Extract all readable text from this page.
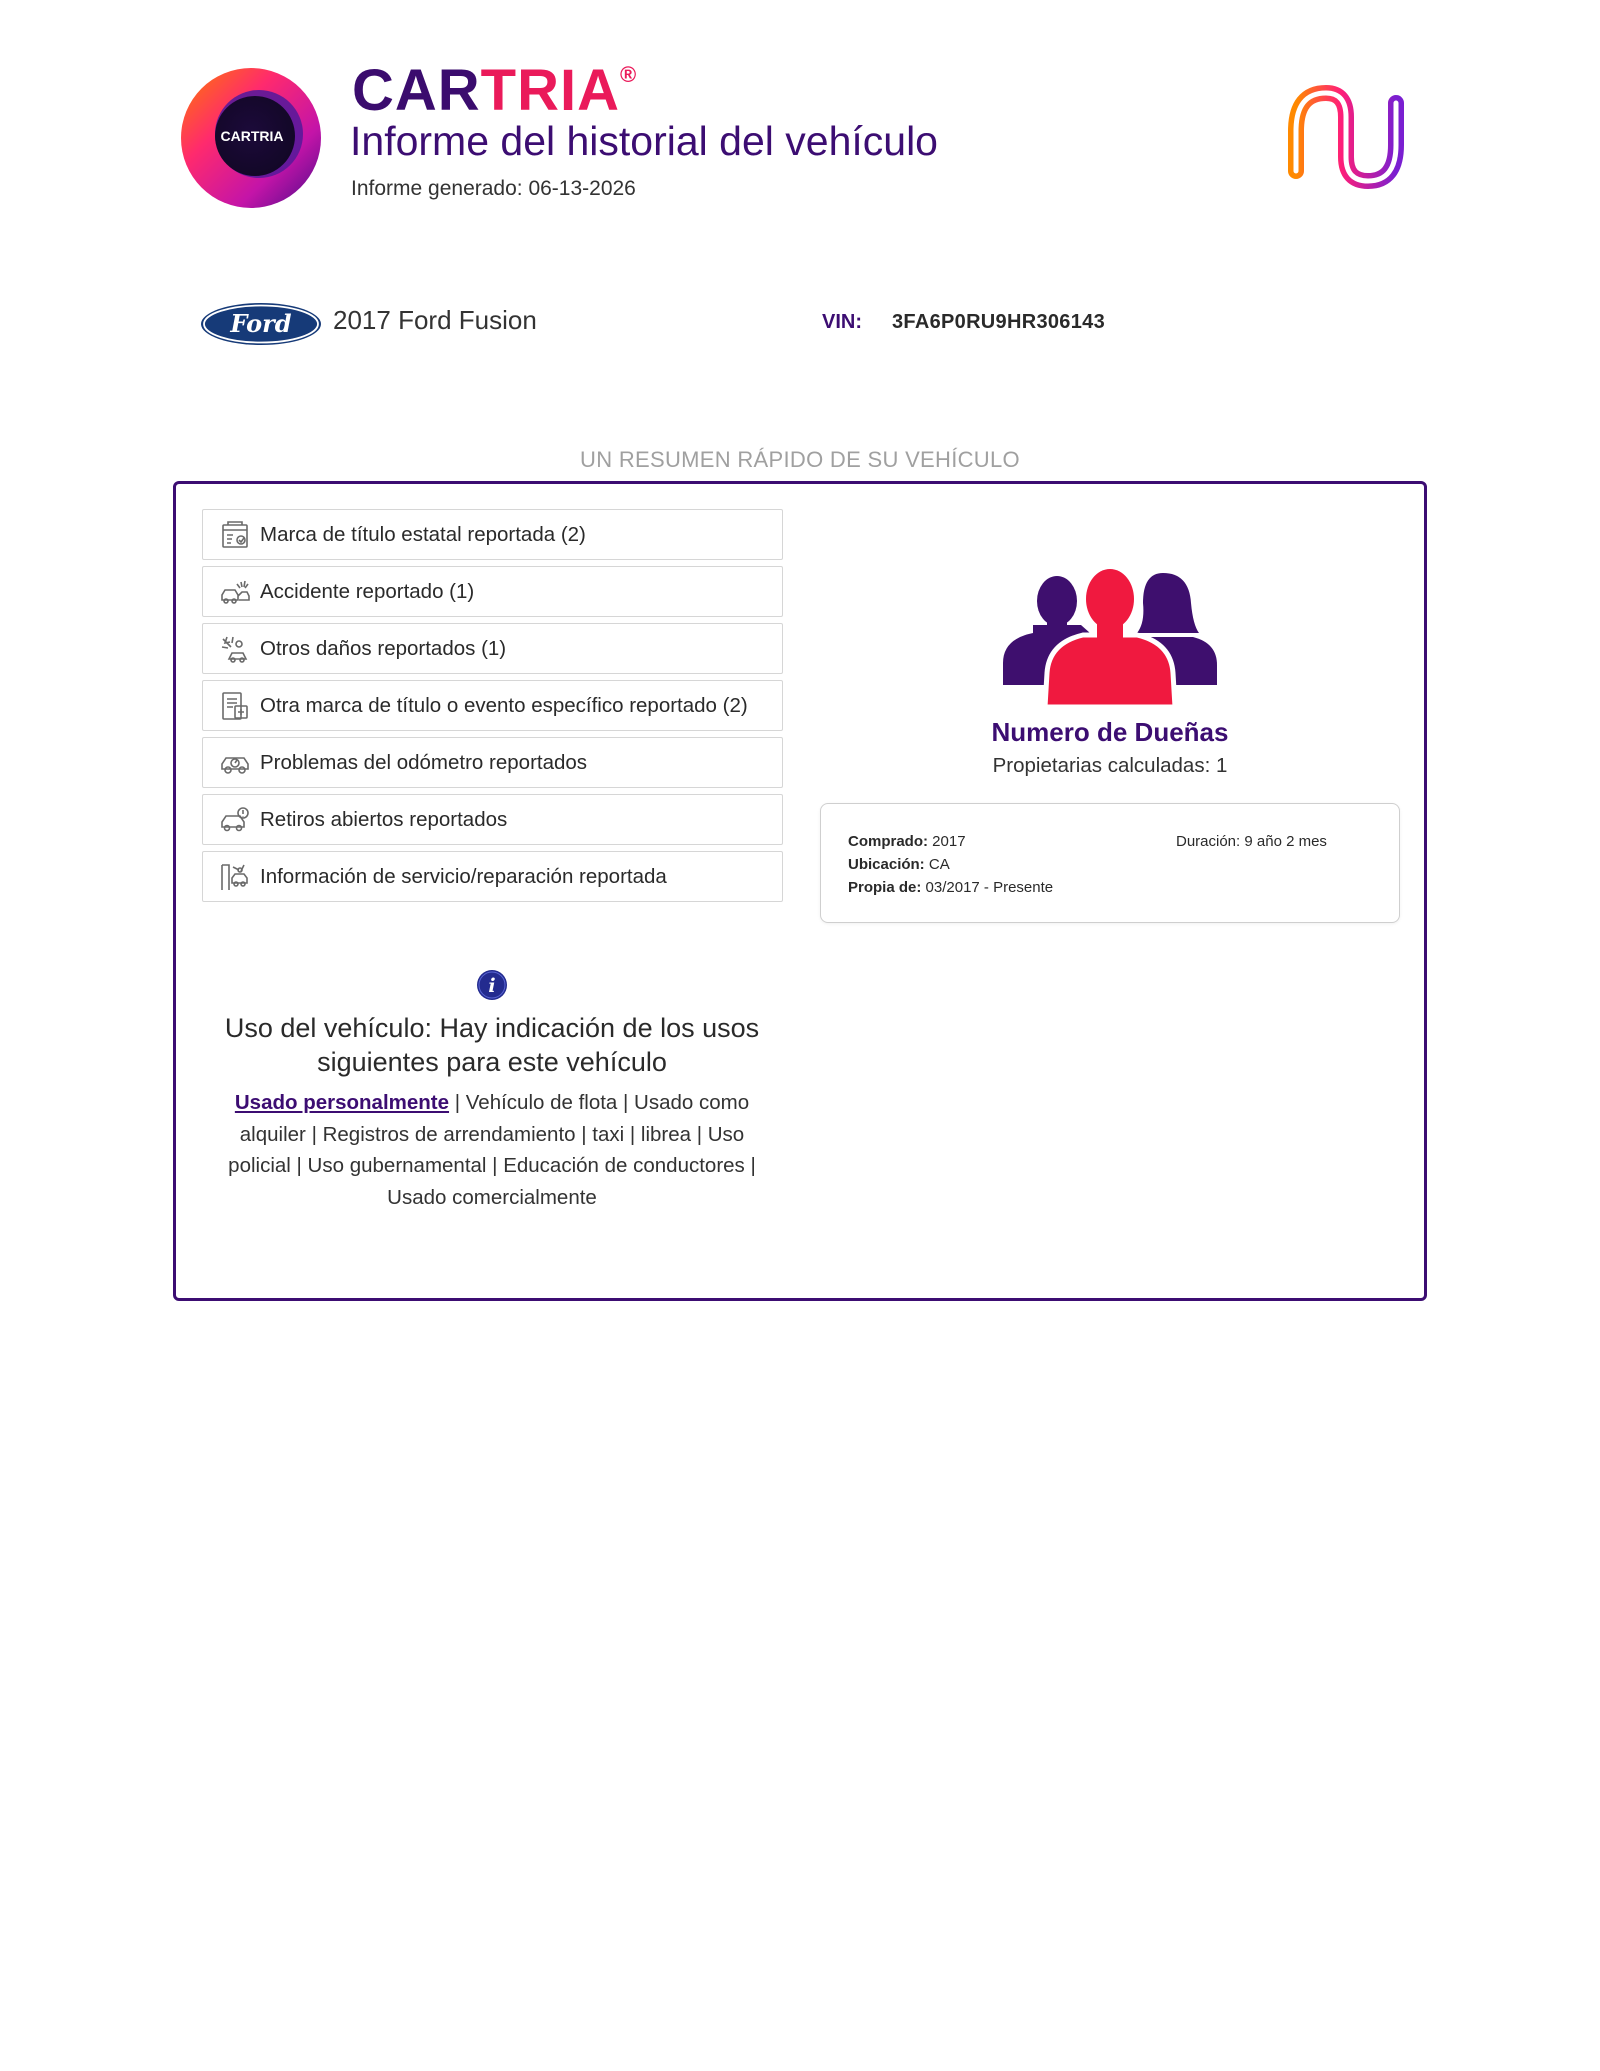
CARTRIA
CARTRIA®
Informe del historial del vehículo
Informe generado: 06-13-2026
Ford 2017 Ford Fusion	VIN: 3FA6P0RU9HR306143
UN RESUMEN RÁPIDO DE SU VEHÍCULO
Marca de título estatal reportada (2)
Accidente reportado (1)
Otros daños reportados (1)
Otra marca de título o evento específico reportado (2)
Problemas del odómetro reportados
Retiros abiertos reportados
Información de servicio/reparación reportada
i
Uso del vehículo: Hay indicación de los usos siguientes para este vehículo
Usado personalmente | Vehículo de flota | Usado como alquiler | Registros de arrendamiento | taxi | librea | Uso policial | Uso gubernamental | Educación de conductores | Usado comercialmente
Numero de Dueñas
Propietarias calculadas: 1
Comprado: 2017
Ubicación: CA
Propia de: 03/2017 - Presente
Duración: 9 año 2 mes
